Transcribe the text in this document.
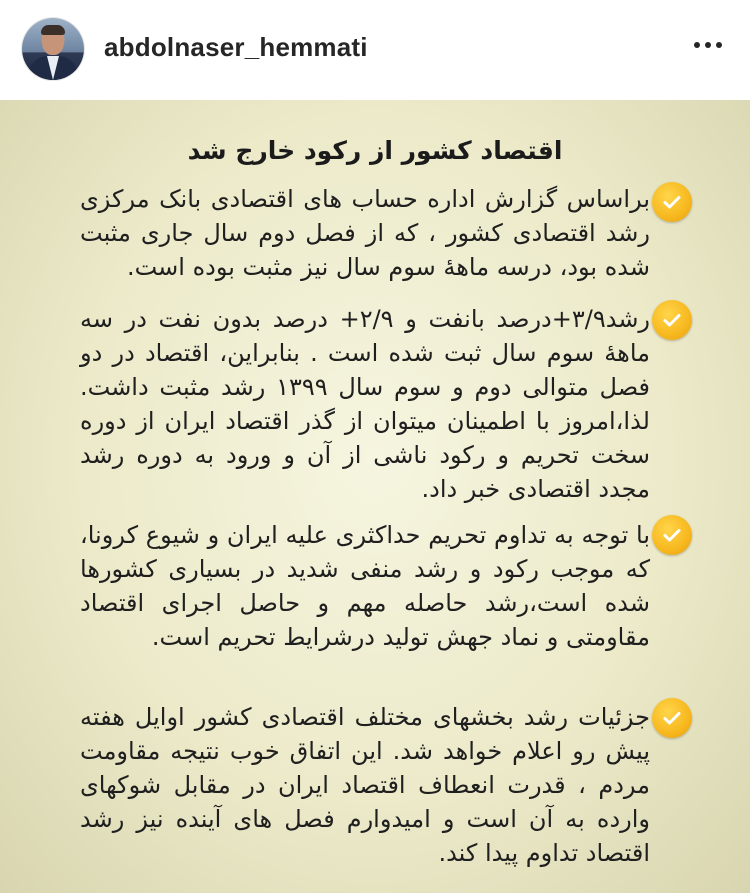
abdolnaser_hemmati
اقتصاد کشور از رکود خارج شد
براساس گزارش اداره حساب های اقتصادی بانک مرکزی رشد اقتصادی کشور ، که از فصل دوم سال جاری مثبت شده بود، درسه ماههٔ سوم سال نیز مثبت بوده است.
رشد۳/۹+درصد بانفت و ۲/۹+ درصد بدون نفت در سه ماههٔ سوم سال ثبت شده است . بنابراین، اقتصاد در دو فصل متوالی دوم و سوم سال ۱۳۹۹ رشد مثبت داشت. لذا،امروز با اطمینان میتوان از گذر اقتصاد ایران از دوره سخت تحریم و رکود ناشی از آن و ورود به دوره رشد مجدد اقتصادی خبر داد.
با توجه به تداوم تحریم حداکثری علیه ایران و شیوع کرونا، که موجب رکود و رشد منفی شدید در بسیاری کشورها شده است،رشد حاصله مهم و حاصل اجرای اقتصاد مقاومتی و نماد جهش تولید درشرایط تحریم است.
جزئیات رشد بخشهای مختلف اقتصادی کشور اوایل هفته پیش رو اعلام خواهد شد. این اتفاق خوب نتیجه مقاومت مردم ، قدرت انعطاف اقتصاد ایران در مقابل شوکهای وارده به آن است و امیدوارم فصل های آینده نیز رشد اقتصاد تداوم پیدا کند.
